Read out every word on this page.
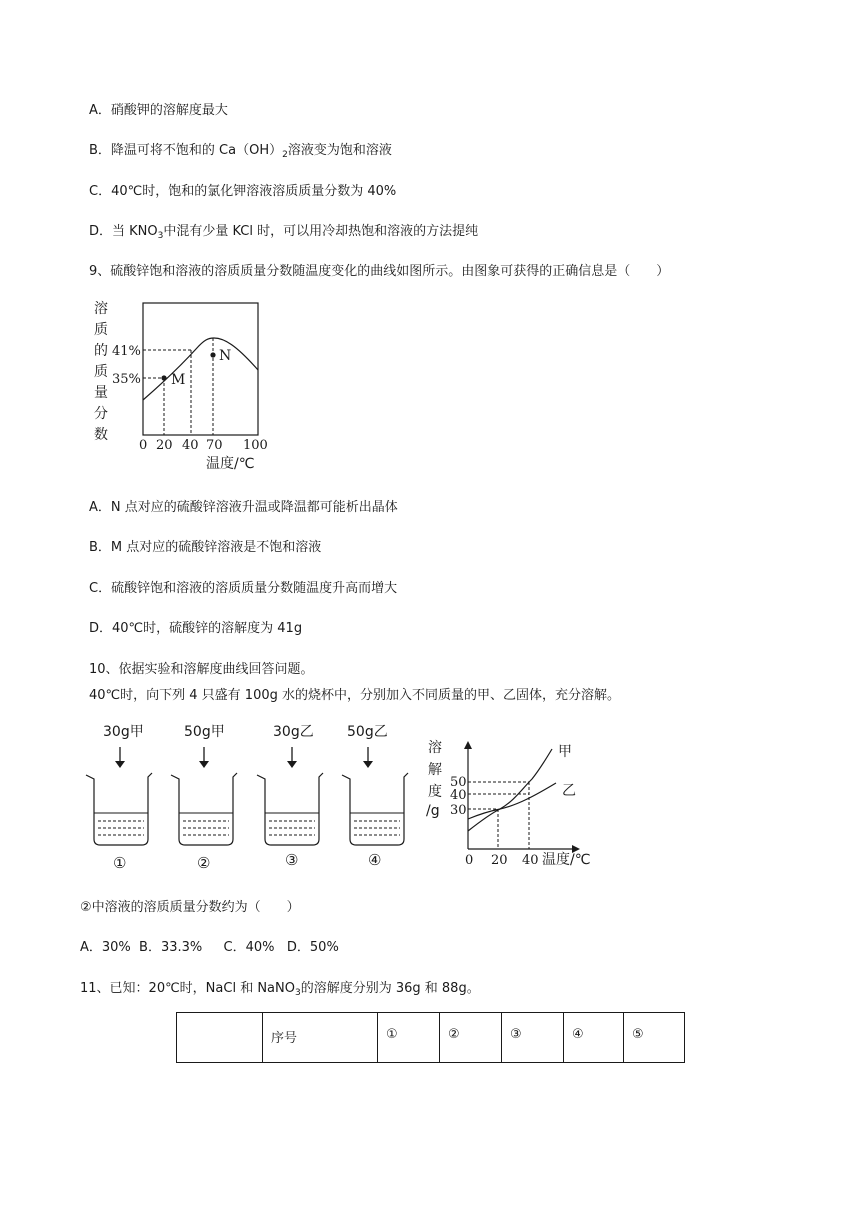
A．硝酸钾的溶解度最大
B．降温可将不饱和的 $Ca(OH)_2$溶液变为饱和溶液
C．40℃时，饱和的氯化钾溶液溶质质量分数为 40%
D．当 $KNO_3$中混有少量 KCl 时，可以用冷却热饱和溶液的方法提纯
9、硫酸锌饱和溶液的溶质质量分数随温度变化的曲线如图所示。由图象可获得的正确信息是（　　）
溶
质
的
质
量
分
数
M
N
41%
35%
0 20 40 70 100
温度/℃
A．N 点对应的硫酸锌溶液升温或降温都可能析出晶体
B．M 点对应的硫酸锌溶液是不饱和溶液
C．硫酸锌饱和溶液的溶质质量分数随温度升高而增大
D．40℃时，硫酸锌的溶解度为 41g
10、依据实验和溶解度曲线回答问题。
40℃时，向下列 4 只盛有 100g 水的烧杯中，分别加入不同质量的甲、乙固体，充分溶解。
30g甲
①
50g甲
②
30g乙
③
50g乙
④
溶
解
度
/g
甲
乙
50
40
30
0 20 40 温度/℃
②中溶液的溶质质量分数约为（　　）
A．30%  B．33.3%　  C．40%   D．50%
11、已知：20℃时，NaCl 和 NaNO$_3$的溶解度分别为 36g 和 88g。
	序号	①	②	③	④	⑤
